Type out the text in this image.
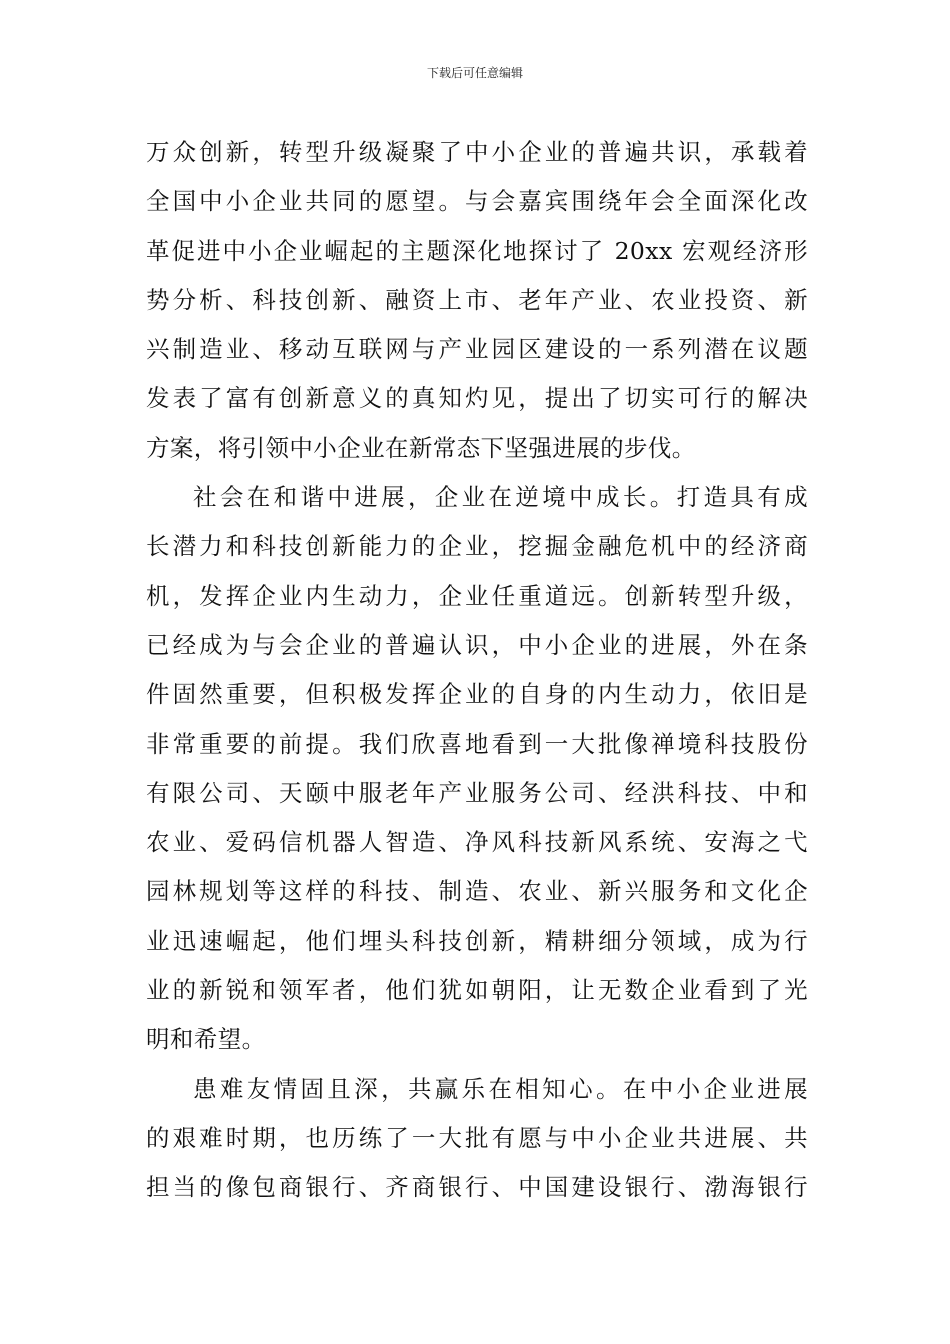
下载后可任意编辑
万众创新，转型升级凝聚了中小企业的普遍共识，承载着
全国中小企业共同的愿望。与会嘉宾围绕年会全面深化改
革促进中小企业崛起的主题深化地探讨了 20xx 宏观经济形
势分析、科技创新、融资上市、老年产业、农业投资、新
兴制造业、移动互联网与产业园区建设的一系列潜在议题
发表了富有创新意义的真知灼见，提出了切实可行的解决
方案，将引领中小企业在新常态下坚强进展的步伐。
社会在和谐中进展，企业在逆境中成长。打造具有成
长潜力和科技创新能力的企业，挖掘金融危机中的经济商
机，发挥企业内生动力，企业任重道远。创新转型升级，
已经成为与会企业的普遍认识，中小企业的进展，外在条
件固然重要，但积极发挥企业的自身的内生动力，依旧是
非常重要的前提。我们欣喜地看到一大批像禅境科技股份
有限公司、天颐中服老年产业服务公司、经洪科技、中和
农业、爱码信机器人智造、净风科技新风系统、安海之弋
园林规划等这样的科技、制造、农业、新兴服务和文化企
业迅速崛起，他们埋头科技创新，精耕细分领域，成为行
业的新锐和领军者，他们犹如朝阳，让无数企业看到了光
明和希望。
患难友情固且深，共赢乐在相知心。在中小企业进展
的艰难时期，也历练了一大批有愿与中小企业共进展、共
担当的像包商银行、齐商银行、中国建设银行、渤海银行
